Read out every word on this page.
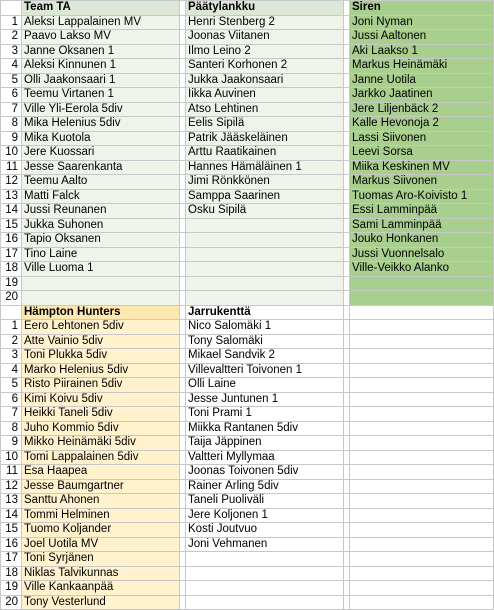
	Team TA		Päätylankku		Siren
1	Aleksi Lappalainen MV		Henri Stenberg 2		Joni Nyman
2	Paavo Lakso MV		Joonas Viitanen		Jussi Aaltonen
3	Janne Oksanen 1		Ilmo Leino 2		Aki Laakso 1
4	Aleksi Kinnunen 1		Santeri Korhonen 2		Markus Heinämäki
5	Olli Jaakonsaari 1		Jukka Jaakonsaari		Janne Uotila
6	Teemu Virtanen 1		Iikka Auvinen		Jarkko Jaatinen
7	Ville Yli-Eerola 5div		Atso Lehtinen		Jere Liljenbäck 2
8	Mika Helenius 5div		Eelis Sipilä		Kalle Hevonoja 2
9	Mika Kuotola		Patrik Jääskeläinen		Lassi Siivonen
10	Jere Kuossari		Arttu Raatikainen		Leevi Sorsa
11	Jesse Saarenkanta		Hannes Hämäläinen 1		Miika Keskinen MV
12	Teemu Aalto		Jimi Rönkkönen		Markus Siivonen
13	Matti Falck		Samppa Saarinen		Tuomas Aro-Koivisto 1
14	Jussi Reunanen		Osku Sipilä		Essi Lamminpää
15	Jukka Suhonen				Sami Lamminpää
16	Tapio Oksanen				Jouko Honkanen
17	Tino Laine				Jussi Vuonnelsalo
18	Ville Luoma 1				Ville-Veikko Alanko
19					
20					
	Hämpton Hunters		Jarrukenttä		
1	Eero Lehtonen 5div		Nico Salomäki 1		
2	Atte Vainio 5div		Tony Salomäki		
3	Toni Plukka 5div		Mikael Sandvik 2		
4	Marko Helenius 5div		Villevaltteri Toivonen 1		
5	Risto Piirainen 5div		Olli Laine		
6	Kimi Koivu 5div		Jesse Juntunen 1		
7	Heikki Taneli 5div		Toni Prami 1		
8	Juho Kommio 5div		Miikka Rantanen 5div		
9	Mikko Heinämäki 5div		Taija Jäppinen		
10	Tomi Lappalainen 5div		Valtteri Myllymaa		
11	Esa Haapea		Joonas Toivonen 5div		
12	Jesse Baumgartner		Rainer Ärling 5div		
13	Santtu Ahonen		Taneli Puoliväli		
14	Tommi Helminen		Jere Koljonen 1		
15	Tuomo Koljander		Kosti Joutvuo		
16	Joel Uotila MV		Joni Vehmanen		
17	Toni Syrjänen				
18	Niklas Talvikunnas				
19	Ville Kankaanpää				
20	Tony Vesterlund				
